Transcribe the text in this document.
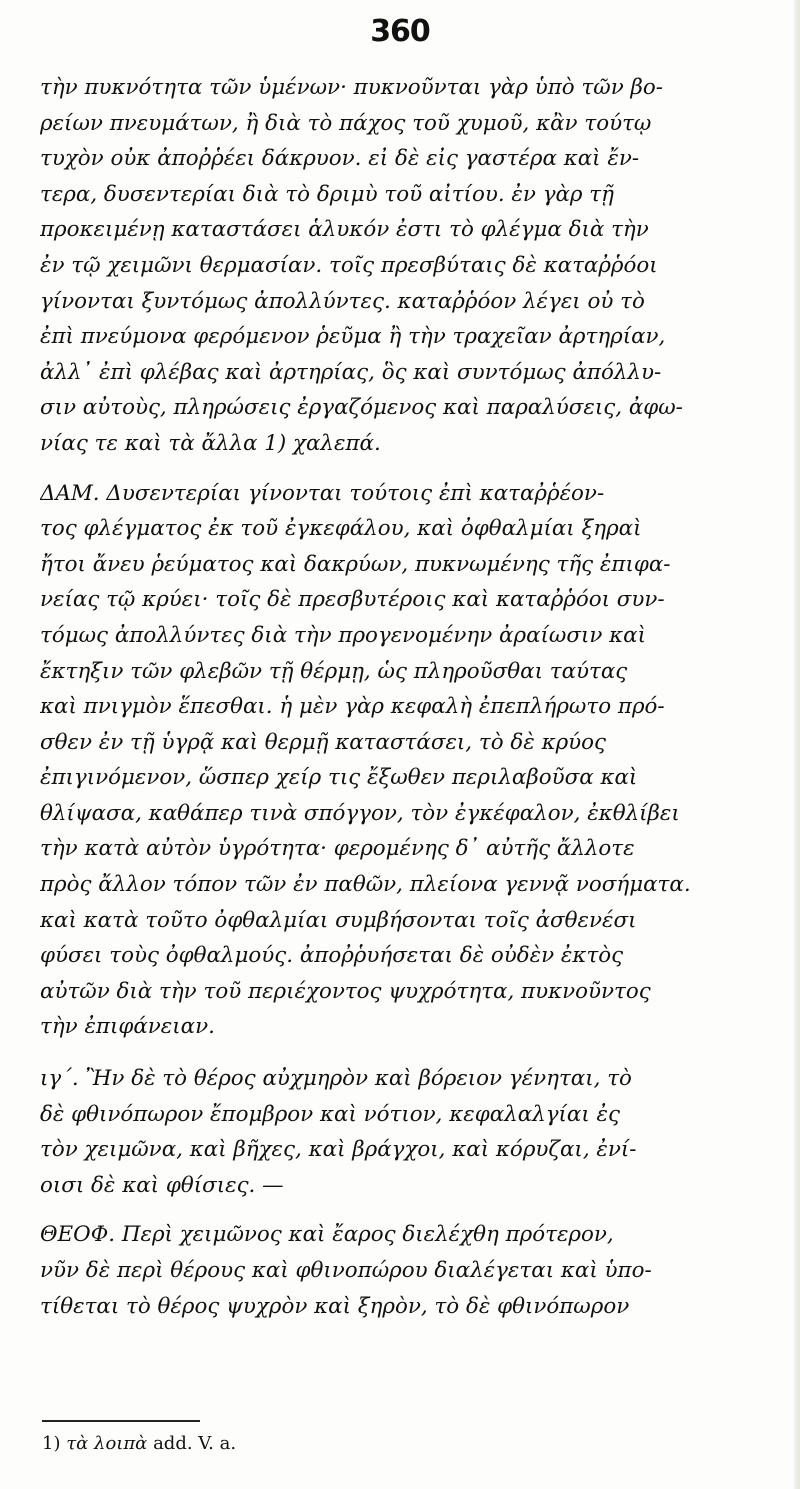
360
τὴν πυκνότητα τῶν ὑμένων· πυκνοῦνται γὰρ ὑπὸ τῶν βο-
ρείων πνευμάτων, ἢ διὰ τὸ πάχος τοῦ χυμοῦ, κἂν τούτῳ
τυχὸν οὐκ ἀποῤῥέει δάκρυον. εἰ δὲ εἰς γαστέρα καὶ ἔν-
τερα, δυσεντερίαι διὰ τὸ δριμὺ τοῦ αἰτίου. ἐν γὰρ τῇ
προκειμένῃ καταστάσει ἁλυκόν ἐστι τὸ φλέγμα διὰ τὴν
ἐν τῷ χειμῶνι θερμασίαν. τοῖς πρεσβύταις δὲ καταῤῥόοι
γίνονται ξυντόμως ἀπολλύντες. καταῤῥόον λέγει οὐ τὸ
ἐπὶ πνεύμονα φερόμενον ῥεῦμα ἢ τὴν τραχεῖαν ἀρτηρίαν,
ἀλλ᾽ ἐπὶ φλέβας καὶ ἀρτηρίας, ὃς καὶ συντόμως ἀπόλλυ-
σιν αὐτοὺς, πληρώσεις ἐργαζόμενος καὶ παραλύσεις, ἀφω-
νίας τε καὶ τὰ ἄλλα 1) χαλεπά.
ΔΑΜ. Δυσεντερίαι γίνονται τούτοις ἐπὶ καταῤῥέον-
τος φλέγματος ἐκ τοῦ ἐγκεφάλου, καὶ ὀφθαλμίαι ξηραὶ
ἤτοι ἄνευ ῥεύματος καὶ δακρύων, πυκνωμένης τῆς ἐπιφα-
νείας τῷ κρύει· τοῖς δὲ πρεσβυτέροις καὶ καταῤῥόοι συν-
τόμως ἀπολλύντες διὰ τὴν προγενομένην ἀραίωσιν καὶ
ἔκτηξιν τῶν φλεβῶν τῇ θέρμῃ, ὡς πληροῦσθαι ταύτας
καὶ πνιγμὸν ἕπεσθαι. ἡ μὲν γὰρ κεφαλὴ ἐπεπλήρωτο πρό-
σθεν ἐν τῇ ὑγρᾷ καὶ θερμῇ καταστάσει, τὸ δὲ κρύος
ἐπιγινόμενον, ὥσπερ χείρ τις ἔξωθεν περιλαβοῦσα καὶ
θλίψασα, καθάπερ τινὰ σπόγγον, τὸν ἐγκέφαλον, ἐκθλίβει
τὴν κατὰ αὐτὸν ὑγρότητα· φερομένης δ᾽ αὐτῆς ἄλλοτε
πρὸς ἄλλον τόπον τῶν ἐν παθῶν, πλείονα γεννᾷ νοσήματα.
καὶ κατὰ τοῦτο ὀφθαλμίαι συμβήσονται τοῖς ἀσθενέσι
φύσει τοὺς ὀφθαλμούς. ἀποῤῥυήσεται δὲ οὐδὲν ἐκτὸς
αὐτῶν διὰ τὴν τοῦ περιέχοντος ψυχρότητα, πυκνοῦντος
τὴν ἐπιφάνειαν.
ιγ΄. Ἢν δὲ τὸ θέρος αὐχμηρὸν καὶ βόρειον γένηται, τὸ
δὲ φθινόπωρον ἔπομβρον καὶ νότιον, κεφαλαλγίαι ἐς
τὸν χειμῶνα, καὶ βῆχες, καὶ βράγχοι, καὶ κόρυζαι, ἐνί-
οισι δὲ καὶ φθίσιες. —
ΘΕΟΦ. Περὶ χειμῶνος καὶ ἔαρος διελέχθη πρότερον,
νῦν δὲ περὶ θέρους καὶ φθινοπώρου διαλέγεται καὶ ὑπο-
τίθεται τὸ θέρος ψυχρὸν καὶ ξηρὸν, τὸ δὲ φθινόπωρον
1) τὰ λοιπὰ add. V. a.
